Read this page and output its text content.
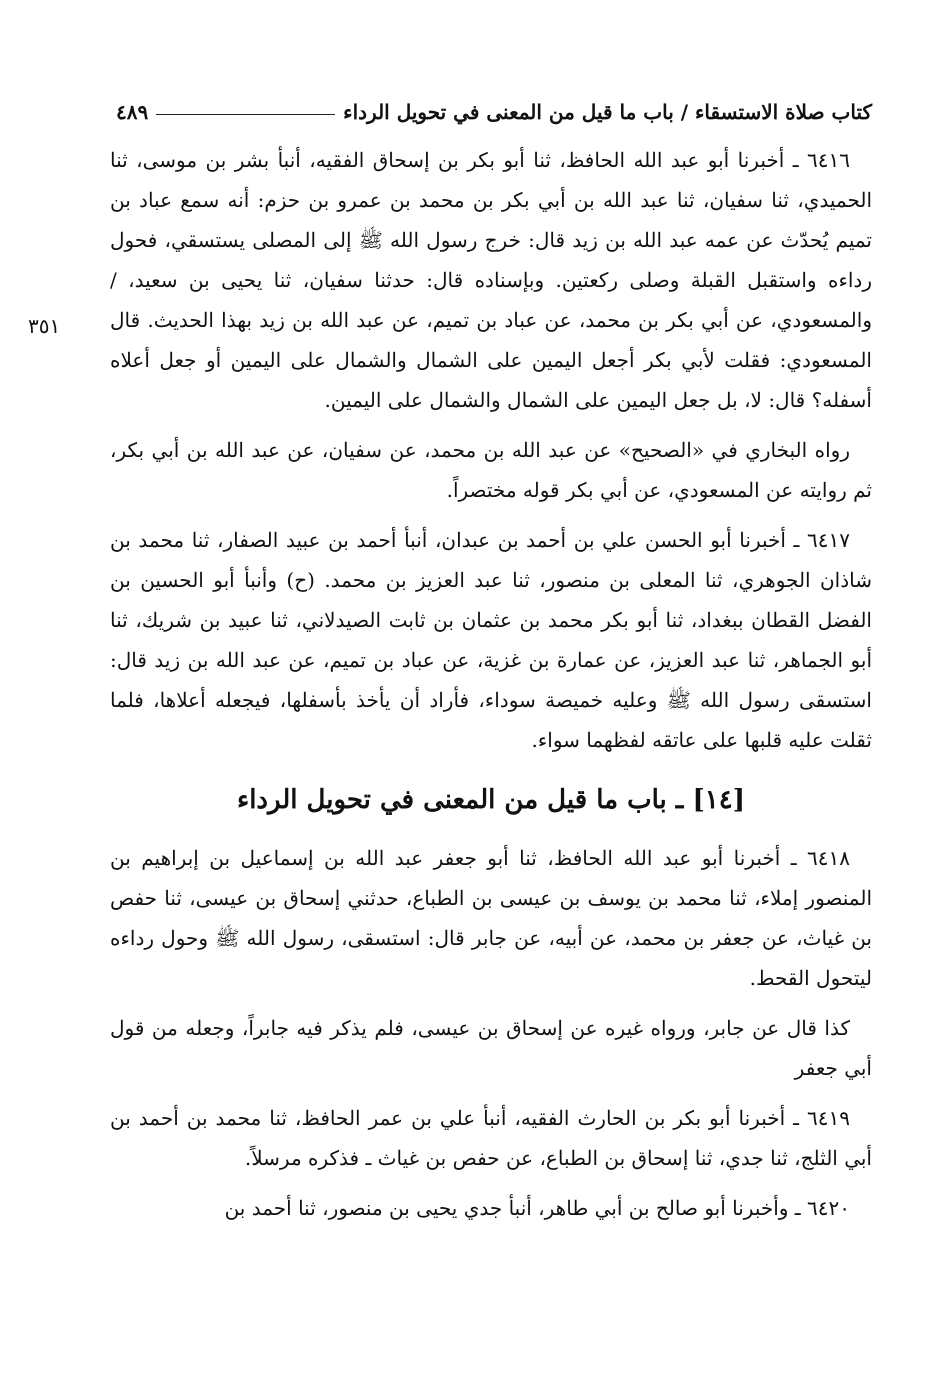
كتاب صلاة الاستسقاء / باب ما قيل من المعنى في تحويل الرداء
٤٨٩
٣٥١

٦٤١٦ ـ أخبرنا أبو عبد الله الحافظ، ثنا أبو بكر بن إسحاق الفقيه، أنبأ بشر بن موسى، ثنا الحميدي، ثنا سفيان، ثنا عبد الله بن أبي بكر بن محمد بن عمرو بن حزم: أنه سمع عباد بن تميم يُحدّث عن عمه عبد الله بن زيد قال: خرج رسول الله ﷺ إلى المصلى يستسقي، فحول رداءه واستقبل القبلة وصلى ركعتين. وبإسناده قال: حدثنا سفيان، ثنا يحيى بن سعيد، / والمسعودي، عن أبي بكر بن محمد، عن عباد بن تميم، عن عبد الله بن زيد بهذا الحديث. قال المسعودي: فقلت لأبي بكر أجعل اليمين على الشمال والشمال على اليمين أو جعل أعلاه أسفله؟ قال: لا، بل جعل اليمين على الشمال والشمال على اليمين.

رواه البخاري في «الصحيح» عن عبد الله بن محمد، عن سفيان، عن عبد الله بن أبي بكر، ثم روايته عن المسعودي، عن أبي بكر قوله مختصراً.

٦٤١٧ ـ أخبرنا أبو الحسن علي بن أحمد بن عبدان، أنبأ أحمد بن عبيد الصفار، ثنا محمد بن شاذان الجوهري، ثنا المعلى بن منصور، ثنا عبد العزيز بن محمد. (ح) وأنبأ أبو الحسين بن الفضل القطان ببغداد، ثنا أبو بكر محمد بن عثمان بن ثابت الصيدلاني، ثنا عبيد بن شريك، ثنا أبو الجماهر، ثنا عبد العزيز، عن عمارة بن غزية، عن عباد بن تميم، عن عبد الله بن زيد قال: استسقى رسول الله ﷺ وعليه خميصة سوداء، فأراد أن يأخذ بأسفلها، فيجعله أعلاها، فلما ثقلت عليه قلبها على عاتقه لفظهما سواء.

[١٤] ـ باب ما قيل من المعنى في تحويل الرداء

٦٤١٨ ـ أخبرنا أبو عبد الله الحافظ، ثنا أبو جعفر عبد الله بن إسماعيل بن إبراهيم بن المنصور إملاء، ثنا محمد بن يوسف بن عيسى بن الطباع، حدثني إسحاق بن عيسى، ثنا حفص بن غياث، عن جعفر بن محمد، عن أبيه، عن جابر قال: استسقى، رسول الله ﷺ وحول رداءه ليتحول القحط.

كذا قال عن جابر، ورواه غيره عن إسحاق بن عيسى، فلم يذكر فيه جابراً، وجعله من قول أبي جعفر

٦٤١٩ ـ أخبرنا أبو بكر بن الحارث الفقيه، أنبأ علي بن عمر الحافظ، ثنا محمد بن أحمد بن أبي الثلج، ثنا جدي، ثنا إسحاق بن الطباع، عن حفص بن غياث ـ فذكره مرسلاً.

٦٤٢٠ ـ وأخبرنا أبو صالح بن أبي طاهر، أنبأ جدي يحيى بن منصور، ثنا أحمد بن
